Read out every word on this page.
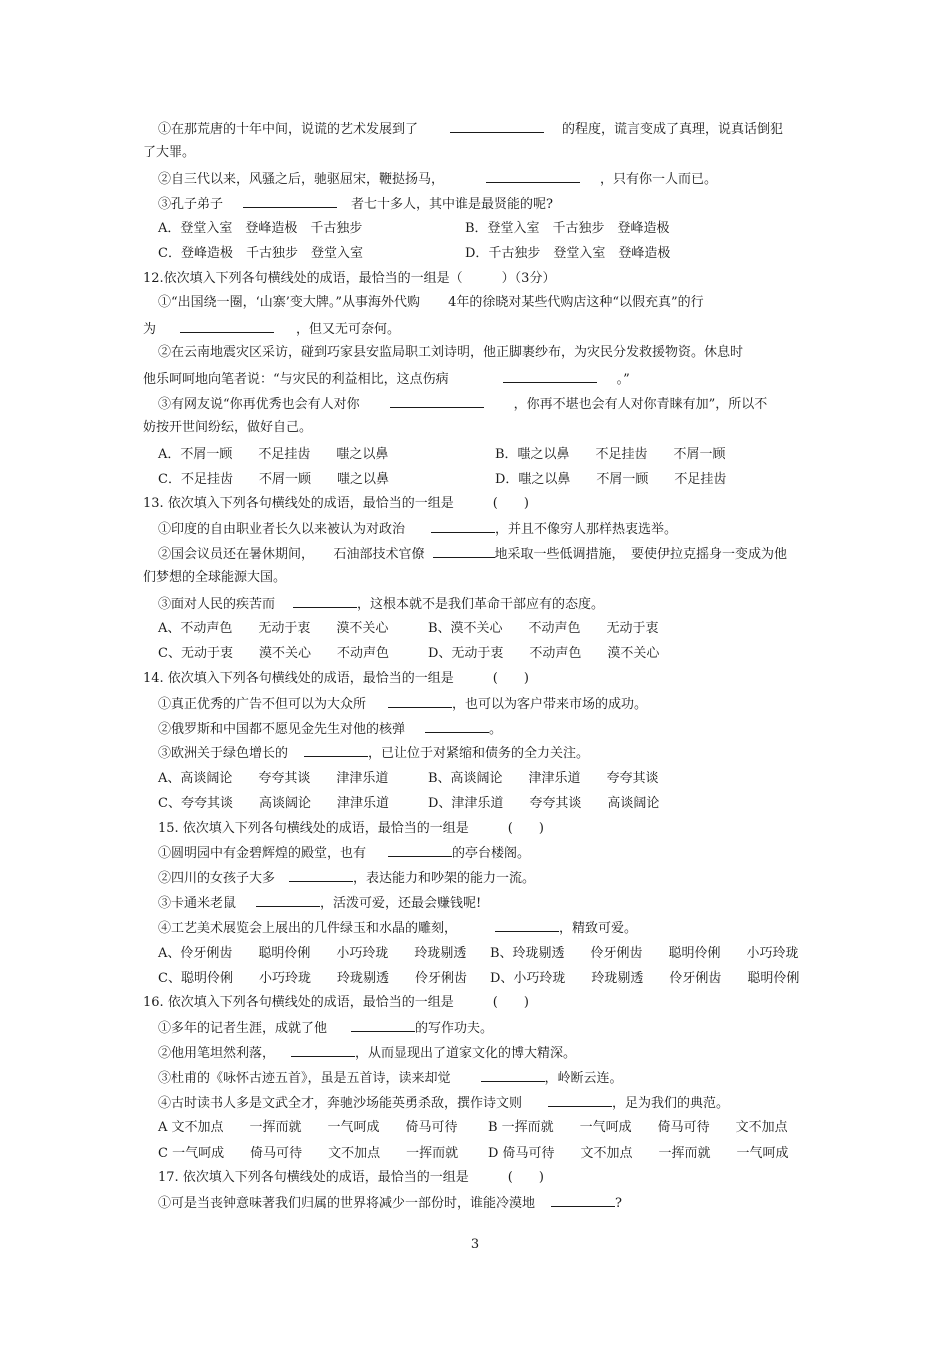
①在那荒唐的十年中间，说谎的艺术发展到了	的程度，谎言变成了真理，说真话倒犯
了大罪。
②自三代以来，风骚之后，驰驱屈宋，鞭挞扬马，	，只有你一人而已。
③孔子弟子	者七十多人，其中谁是最贤能的呢?
A．登堂入室　登峰造极　千古独步	B．登堂入室　千古独步　登峰造极
C．登峰造极　千古独步　登堂入室	D．千古独步　登堂入室　登峰造极
12.依次填入下列各句横线处的成语，最恰当的一组是（　　　）（3分）
①“出国绕一圈，‘山寨’变大牌。”从事海外代购 4年的徐晓对某些代购店这种“以假充真”的行
为	，但又无可奈何。
②在云南地震灾区采访，碰到巧家县安监局职工刘诗明，他正脚裹纱布，为灾民分发救援物资。休息时
他乐呵呵地向笔者说：“与灾民的利益相比，这点伤病	。”
③有网友说“你再优秀也会有人对你	，你再不堪也会有人对你青睐有加”，所以不
妨按开世间纷纭，做好自己。
A．不屑一顾　　不足挂齿　　嗤之以鼻	B．嗤之以鼻　　不足挂齿　　不屑一顾
C．不足挂齿　　不屑一顾　　嗤之以鼻	D．嗤之以鼻　　不屑一顾　　不足挂齿
13. 依次填入下列各句横线处的成语，最恰当的一组是　　　(　　)
①印度的自由职业者长久以来被认为对政治	，并且不像穷人那样热衷选举。
②国会议员还在暑休期间，　　石油部技术官僚	地采取一些低调措施，　要使伊拉克摇身一变成为他
们梦想的全球能源大国。
③面对人民的疾苦而	，这根本就不是我们革命干部应有的态度。
A、不动声色　　无动于衷　　漠不关心	B、漠不关心　　不动声色　　无动于衷
C、无动于衷　　漠不关心　　不动声色	D、无动于衷　　不动声色　　漠不关心
14. 依次填入下列各句横线处的成语，最恰当的一组是　　　(　　)
①真正优秀的广告不但可以为大众所	，也可以为客户带来市场的成功。
②俄罗斯和中国都不愿见金先生对他的核弹	。
③欧洲关于绿色增长的	，已让位于对紧缩和债务的全力关注。
A、高谈阔论　　夸夸其谈　　津津乐道	B、高谈阔论　　津津乐道　　夸夸其谈
C、夸夸其谈　　高谈阔论　　津津乐道	D、津津乐道　　夸夸其谈　　高谈阔论
15. 依次填入下列各句横线处的成语，最恰当的一组是　　　(　　)
①圆明园中有金碧辉煌的殿堂，也有	的亭台楼阁。
②四川的女孩子大多	，表达能力和吵架的能力一流。
③卡通米老鼠	，活泼可爱，还最会赚钱呢!
④工艺美术展览会上展出的几件绿玉和水晶的雕刻，	，精致可爱。
A、伶牙俐齿　　聪明伶俐　　小巧玲珑　　玲珑剔透 B、玲珑剔透　　伶牙俐齿　　聪明伶俐　　小巧玲珑
C、聪明伶俐　　小巧玲珑　　玲珑剔透　　伶牙俐齿 D、小巧玲珑　　玲珑剔透　　伶牙俐齿　　聪明伶俐
16. 依次填入下列各句横线处的成语，最恰当的一组是　　　(　　)
①多年的记者生涯，成就了他	的写作功夫。
②他用笔坦然利落，	，从而显现出了道家文化的博大精深。
③杜甫的《咏怀古迹五首》，虽是五首诗，读来却觉	，岭断云连。
④古时读书人多是文武全才，奔驰沙场能英勇杀敌，撰作诗文则	，足为我们的典范。
A 文不加点　　一挥而就　　一气呵成　　倚马可待 B 一挥而就　　一气呵成　　倚马可待　　文不加点
C 一气呵成　　倚马可待　　文不加点　　一挥而就 D 倚马可待　　文不加点　　一挥而就　　一气呵成
17. 依次填入下列各句横线处的成语，最恰当的一组是　　　(　　)
①可是当丧钟意味著我们归属的世界将减少一部份时，谁能冷漠地	?
3
